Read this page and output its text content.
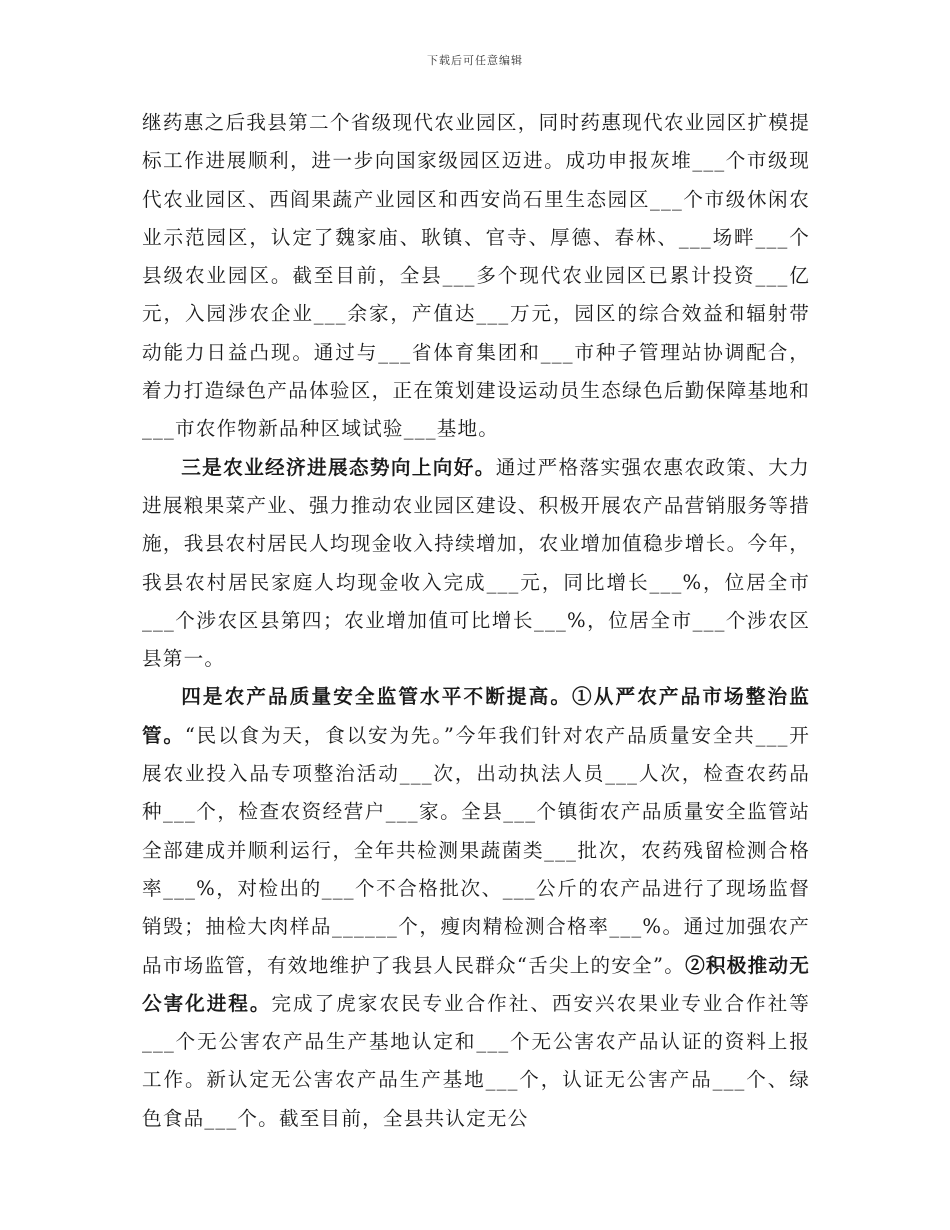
下载后可任意编辑

继药惠之后我县第二个省级现代农业园区，同时药惠现代农业园区扩模提标工作进展顺利，进一步向国家级园区迈进。成功申报灰堆___个市级现代农业园区、西阎果蔬产业园区和西安尚石里生态园区___个市级休闲农业示范园区，认定了魏家庙、耿镇、官寺、厚德、春林、___场畔___个县级农业园区。截至目前，全县___多个现代农业园区已累计投资___亿元，入园涉农企业___余家，产值达___万元，园区的综合效益和辐射带动能力日益凸现。通过与___省体育集团和___市种子管理站协调配合，着力打造绿色产品体验区，正在策划建设运动员生态绿色后勤保障基地和___市农作物新品种区域试验___基地。

三是农业经济进展态势向上向好。通过严格落实强农惠农政策、大力进展粮果菜产业、强力推动农业园区建设、积极开展农产品营销服务等措施，我县农村居民人均现金收入持续增加，农业增加值稳步增长。今年，我县农村居民家庭人均现金收入完成___元，同比增长___%，位居全市___个涉农区县第四；农业增加值可比增长___%，位居全市___个涉农区县第一。

四是农产品质量安全监管水平不断提高。①从严农产品市场整治监管。“民以食为天，食以安为先。”今年我们针对农产品质量安全共___开展农业投入品专项整治活动___次，出动执法人员___人次，检查农药品种___个，检查农资经营户___家。全县___个镇街农产品质量安全监管站全部建成并顺利运行，全年共检测果蔬菌类___批次，农药残留检测合格率___%，对检出的___个不合格批次、___公斤的农产品进行了现场监督销毁；抽检大肉样品______个，瘦肉精检测合格率___%。通过加强农产品市场监管，有效地维护了我县人民群众“舌尖上的安全”。②积极推动无公害化进程。完成了虎家农民专业合作社、西安兴农果业专业合作社等___个无公害农产品生产基地认定和___个无公害农产品认证的资料上报工作。新认定无公害农产品生产基地___个，认证无公害产品___个、绿色食品___个。截至目前，全县共认定无公
